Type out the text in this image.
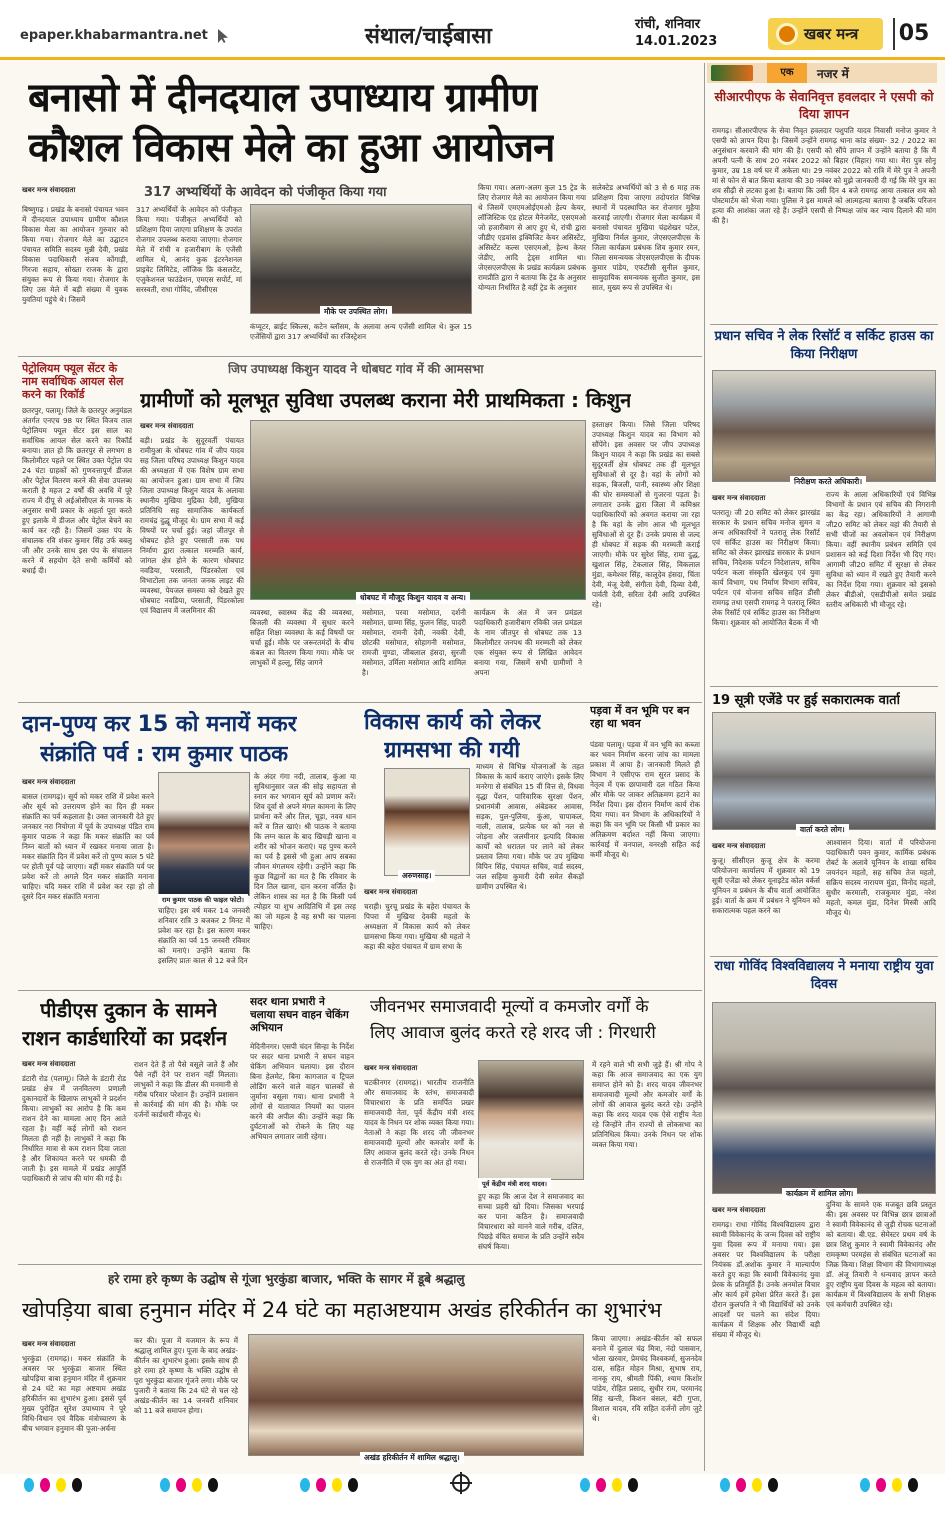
epaper.khabarmantra.net	संथाल/चाईबासा	रांची, शनिवार
14.01.2023	खबर मन्त्र 05
बनासो में दीनदयाल उपाध्याय ग्रामीण
कौशल विकास मेले का हुआ आयोजन
317 अभ्यर्थियों के आवेदन को पंजीकृत किया गया
खबर मन्त्र संवाददाता
बिष्णुगढ़ । प्रखंड के बनासो पंचायत भवन में दीनदयाल उपाध्याय ग्रामीण कौशल विकास मेला का आयोजन गुरुवार को किया गया। रोजगार मेले का उद्घाटन पंचायत समिति सदस्य मुन्नी देवी, प्रखंड विकास पदाधिकारी संजय कोंगाड़ी, गिरजा सहाय, सोख्ता राजक के द्वारा संयुक्त रूप से किया गया। रोजगार के लिए उस मेले में बड़ी संख्या में युवक युवतियां पहुंचे थे। जिसमें
317 अभ्यर्थियों के आवेदन को पंजीकृत किया गया। पंजीकृत अभ्यर्थियों को प्रशिक्षण दिया जाएगा प्रशिक्षण के उपरांत रोजगार उपलब्ध कराया जाएगा। रोजगार मेले में रांची व हजारीबाग के एजेंसी शामिल थे, आनंद कुक इंटरनेशनल प्राइवेट लिमिटेड, लॉजिक फ्रि कंसलटेंट, एजुकेशनल फाउंडेशन, एमएस सपोर्ट, मां सरस्वती, राधा गोविंद, जीसीएस
मौके पर उपस्थित लोग।
कंप्यूटर, ब्राईट स्किल्स, कटेन ब्लॉसम, के अलावा अन्य एजेंसी शामिल थे। कुल 15 एजेंसियों द्वारा 317 अभ्यर्थियों का रजिस्ट्रेशन
किया गया। अलग-अलग कुल 15 ट्रेड के लिए रोजगार मेले का आयोजन किया गया थे जिसमें एमएमओईएमओ हेल्प केयर, लॉजिस्टिक एंड होटल मैनेजमेंट, एसएमओ जो हजारीबाग से आए हुए थे, रांची द्वारा जीडीए एडवांस इक्विजिट केयर असिस्टेंट, असिस्टेंट कल्स एसएमओ, हेल्थ केयर जेडीए, आदि ट्रेड्स शामिल था। जेएसएलपीएस के प्रखंड कार्यक्रम प्रबंधक रामप्रीति द्वारा ने बताया कि ट्रेड के अनुसार योग्यता निर्धारित है वहीं ट्रेड के अनुसार
सलेक्टेड अभ्यर्थियों को 3 से 6 माह तक प्रशिक्षण दिया जाएगा तदोपरांत विभिन्न स्थानों में पदस्थापित कर रोजगार मुहैया करवाई जाएगी। रोजगार मेला कार्यक्रम में बनासो पंचायत मुखिया चंद्रशेखर पटेल, मुखिया निर्मल कुमार, जेएसएलपीएस के जिला कार्यक्रम प्रबंधक शिव कुमार रमन, जिला समन्वयक जेएसएलपीएस के दीपक कुमार पांडेय, एफटीसी सुनील कुमार, सामुदायिक समन्वयक सुजीत कुमार, इस सात, मुख्य रूप से उपस्थित थे।
पेट्रोलियम फ्यूल सेंटर के नाम सर्वाधिक आयल सेल करने का रिकॉर्ड
छतरपुर, पलामू। जिले के छतरपुर अनुमंडल अंतर्गत एनएच 98 पर स्थित विजय ताल पेट्रोलियम फ्यूल सेंटर इस साल का सर्वाधिक आयल सेल करने का रिकॉर्ड बनाया। ज्ञात हो कि छतरपुर से लगभग 8 किलोमीटर पहले पर स्थित उक्त पेट्रोल पंप 24 घंटा ग्राहकों को गुणवत्तापूर्ण डीजल और पेट्रोल वितरण करने की सेवा उपलब्ध कराती है महज 2 वर्षों की अवधि में पूरे राज्य में दीपू से अईओसीएल के मानक के अनुसार सभी प्रकार के अहर्ता पूरा करते हुए इलाके में डीजल और पेट्रोल बेचने का कार्य कर रही है। जिसमें उक्त पंप के संचालक रवि शंकर कुमार सिंह उर्फ बबलू जी और उनके साथ इस पंप के संचालन करने में सहयोग देते सभी कर्मियों को बधाई दी।
जिप उपाध्यक्ष किशुन यादव ने धोबघट गांव में की आमसभा
ग्रामीणों को मूलभूत सुविधा उपलब्ध कराना मेरी प्राथमिकता : किशुन
खबर मन्त्र संवाददाता
बड़ी। प्रखंड के सुदूरवर्ती पंचायत रामीयुआ के धोबघट गांव में जीप यादव सह जिला परिषद उपाध्यक्ष किशुन यादव की अध्यक्षता में एक विशेष ग्राम सभा का आयोजन हुआ। ग्राम सभा में जिप जिला उपाध्यक्ष किशुन यादव के अलावा स्थानीय मुखिया मुद्रिका देवी, मुखिया प्रतिनिधि सह सामाजिक कार्यकर्ता रामचंद्र दुद्धू मौजूद थे। ग्राम सभा में कई विषयों पर चर्चा हुई। जहां जीतपुर से धोबघट होते हुए परसाती तक पथ निर्माण द्वारा तत्काल मरम्मति कार्य, जांगल क्षेत्र होने के कारण धोबघाट नवडिया, परसाती, पिंडरकोला एवं विभाटोला तक जनता जनक लाइट की व्यवस्था, पेयजल समस्या को देखते हुए धोबघाट नवडिया, परसाती, पिंडरकोला एवं विद्यालय में जलमिनार की
धोबघट में मौजूद किशुन यादव व अन्य।
व्यवस्था, स्वास्थ्य केंद्र की व्यवस्था, बिजली की व्यवस्था में सुधार करने सहित शिक्षा व्यवस्था के कई विषयों पर चर्चा हुई। मौके पर जरूरतमंदों के बीच कंबल का वितरण किया गया। मौके पर लाभुकों में हल्लू, सिंह जागने
मसोमात, परवा मसोमात, दर्शनी मसोमात, ग्राम्मा सिंह, फुलन सिंह, पादरी मसोमात, रामनी देवी, नवकी देवी, छोटकी मसोमात, सोहागनी मसोमात, रामजी मुण्डा, जीबलाल हंसदा, सुरजी मसोमात, उर्मिला मसोमात आदि शामिल है।
कार्यक्रम के अंत में जन प्रमंडल पदाधिकारी हजारीबाग रविकी जल प्रमंडल के नाम जीतपुर से धोबघट तक 13 किलोमीटर जनपथ की मरम्मती को लेकर एक संयुक्त रूप से लिखित आवेदन बनाया गया, जिसमें सभी ग्रामीणों ने अपना
हस्ताक्षर किया। जिसे जिला परिषद उपाध्यक्ष किशुन यादव का विभाग को सौंपेंगे। इस अवसर पर जीप उपाध्यक्ष किशुन यादव ने कहा कि प्रखंड का सबसे सुदूरवर्ती क्षेत्र धोबघट तक ही मूलभूत सुविधाओं से दूर है। वहां के लोगों को सड़क, बिजली, पानी, स्वास्थ्य और शिक्षा की घोर समस्याओं से गुजरना पड़ता है। लगातार उनके द्वारा जिला में कमिश्नर पदाधिकारियों को अवगत कराया जा रहा है कि वहां के लोग आज भी मूलभूत सुविधाओं से दूर हैं। उनके प्रयास से जल्द ही धोबघट में सड़क की मरम्मती कराई जाएगी। मौके पर सुरेश सिंह, रामा दुद्ध, खुशाल सिंह, टेकलाल सिंह, विकलाल मुंडा, कमेश्वर सिंह, कालूदेव हंसदा, चिंता देवी, मंजू देवी, संगीता देवी, दिव्या देवी, पार्वती देवी, सरिता देवी आदि उपस्थित रहे।
दान-पुण्य कर 15 को मनायें मकर
संक्रांति पर्व : राम कुमार पाठक
खबर मन्त्र संवाददाता
बासल (रामगढ़)। सूर्य को मकर राशि में प्रवेश करने और सूर्य को उत्तरायण होने का दिन ही मकर संक्रांति का पर्व कहलाता है। उक्त जानकारी देते हुए जनकार नरा नियोग्ता में पूर्व के उपाध्यक्ष पंडित राम कुमार पाठक ने कहा कि मकर संक्रांति का पर्व निम्न बातों को ध्यान में रखकर मनाया जाता है। मकर संक्रांति दिन में प्रवेश करें तो पुण्य काल 5 घंटे पर होती पूर्व पड़े जाएगा। वहीं मकर संक्रांति पर्व पर प्रवेश करें तो अगले दिन मकर संक्रांति मनाना चाहिए। यदि मकर राशि में प्रवेश कर रहा हो तो दूसरे दिन मकर संक्रांति मनाना	राम कुमार पाठक की फाइल फोटो।
चाहिए। इस वर्ष मकर 14 जनवरी शनिवार रात्रि 3 बजकर 2 मिनट में प्रवेश कर रहा है। इस कारण मकर संक्रांति का पर्व 15 जनवरी रविवार को मनाएं। उन्होंने बताया कि इसलिए प्रातः काल से 12 बजे दिन
के अंदर गंगा नदी, तालाब, कुंआ या सुविधानुसार जल की सोइ सहायता से स्नान कर भगवान सूर्य को प्रणाम करें। शिव दूर्वा से अपने मंगल कामना के लिए प्रार्थना करें और तिल, चूड़ा, नवव धान करें व तिल खाएं। श्री पाठक ने बताया कि लग्न काल के बाद खिचड़ी खाना व शरीर को भोजन कराएं। यह पुण्य करने का पर्व है इससे भी हुआ आप सबका जीवन मंगलमय रहेगी। उन्होंने कहा कि कुछ विद्वानों का मत है कि रविवार के दिन तिल खाना, दान करना वर्जित है। लेकिन शास्त्र का मत है कि किसी पर्व त्योहार या शुभ आदितिथि में इस तरह का जो महत्व है वह सभी का पालना चाहिए।
विकास कार्य को लेकर
ग्रामसभा की गयी
अरुणसाह।
खबर मन्त्र संवाददाता
चराही। चुरचू प्रखंड के बहेरा पंचायत के पिपरा में मुखिया देवकी महतो के अध्यक्षता में विकास कार्य को लेकर ग्रामसभा किया गया। मुखिया श्री महतो ने कहा की बहेरा पंचायत में ग्राम सभा के
माध्यम से विभिन्न योजनाओं के तहत विकास के कार्य कराए जाएंगे। इसके लिए मनरेगा से संबंधित 15 वीं वित्त से, विधवा वृद्धा पेंशन, पारिवारिक सुरक्षा पेंशन, प्रधानमंत्री आवास, अंबेडकर आवास, सड़क, पुल-पुलिया, कुंआ, चापाकल, नाली, तालाब, प्रत्येक घर को नल से जोड़ना और जलमीनार इत्यादि विकास कार्यों को धरातल पर लाने को लेकर प्रस्ताव लिया गया। मौके पर उप मुखिया विपिन सिंह, पंचायत सचिव, वार्ड सदस्य, जल सहिया कुमारी देवी समेत सैकड़ों ग्रामीण उपस्थित थे।
पड़वा में वन भूमि पर बन रहा था भवन
पंडवा पलामू। पड़वा में वन भूमि का कब्जा कर भवन निर्माण करना जांच का मामला प्रकाश में आया है। जानकारी मिलते ही विभाग ने एसीएफ राम सुरत प्रसाद के नेतृत्व में एक छापामारी दल गठित किया और मौके पर जाकर अतिक्रमण हटाने का निर्देश दिया। इस दौरान निर्माण कार्य रोक दिया गया। वन विभाग के अधिकारियों ने कहा कि वन भूमि पर किसी भी प्रकार का अतिक्रमण बर्दाश्त नहीं किया जाएगा। कार्रवाई में वनपाल, वनरक्षी सहित कई कर्मी मौजूद थे।
पीडीएस दुकान के सामने
राशन कार्डधारियों का प्रदर्शन
खबर मन्त्र संवाददाता
डंटारी रोड (पलामू)। जिले के डंटारी रोड प्रखंड क्षेत्र में जनवितरण प्रणाली दुकानदारों के खिलाफ लाभुकों ने प्रदर्शन किया। लाभुकों का आरोप है कि कम राशन देने का मामला आए दिन आते रहता है। वहीं कई लोगों को राशन मिलता ही नहीं है। लाभुकों ने कहा कि निर्धारित मात्रा से कम राशन दिया जाता है और शिकायत करने पर धमकी दी जाती है। इस मामले में प्रखंड आपूर्ति पदाधिकारी से जांच की मांग की गई है।
राशन देते हैं तो पैसे वसूले जाते हैं और पैसे नहीं देने पर राशन नहीं मिलता। लाभुकों ने कहा कि डीलर की मनमानी से गरीब परिवार परेशान हैं। उन्होंने प्रशासन से कार्रवाई की मांग की है। मौके पर दर्जनों कार्डधारी मौजूद थे।
सदर थाना प्रभारी ने चलाया सघन वाहन चेकिंग अभियान
मेदिनीनगर। एसपी चंदन सिन्हा के निर्देश पर सदर थाना प्रभारी ने सघन वाहन चेकिंग अभियान चलाया। इस दौरान बिना हेलमेट, बिना कागजात व ट्रिपल लोडिंग करने वाले वाहन चालकों से जुर्माना वसूला गया। थाना प्रभारी ने लोगों से यातायात नियमों का पालन करने की अपील की। उन्होंने कहा कि दुर्घटनाओं को रोकने के लिए यह अभियान लगातार जारी रहेगा।
जीवनभर समाजवादी मूल्यों व कमजोर वर्गों के
लिए आवाज बुलंद करते रहे शरद जी : गिरधारी
खबर मन्त्र संवाददाता
चटकीनगर (रामगढ़)। भारतीय राजनीति और समाजवाद के स्तंभ, समाजवादी विचारधारा के प्रति समर्पित प्रखर समाजवादी नेता, पूर्व केंद्रीय मंत्री शरद यादव के निधन पर शोक व्यक्त किया गया। नेताओं ने कहा कि शरद जी जीवनभर समाजवादी मूल्यों और कमजोर वर्गों के लिए आवाज बुलंद करते रहे। उनके निधन से राजनीति में एक युग का अंत हो गया।
पूर्व केंद्रीय मंत्री शरद यादव।
हुए कहा कि आज देश ने समाजवाद का सच्चा प्रहरी खो दिया। जिसका भरपाई कर पाना कठिन है। समाजवादी विचारधारा को मानने वाले गरीब, दलित, पिछड़े वंचित समाज के प्रति उन्होंने सदैव संघर्ष किया।
में रहने वाले भी सभी जुड़े हैं। श्री गोप ने कहा कि आज समाजवाद का एक युग समाप्त होने को है। शरद यादव जीवनभर समाजवादी मूल्यों और कमजोर वर्गों के लोगों की आवाज बुलंद करते रहे। उन्होंने कहा कि शरद यादव एक ऐसे राष्ट्रीय नेता रहे जिन्होंने तीन राज्यों से लोकसभा का प्रतिनिधित्व किया। उनके निधन पर शोक व्यक्त किया गया।
हरे रामा हरे कृष्ण के उद्घोष से गूंजा भुरकुंडा बाजार, भक्ति के सागर में डूबे श्रद्धालु
खोपड़िया बाबा हनुमान मंदिर में 24 घंटे का महाअष्टयाम अखंड हरिकीर्तन का शुभारंभ
खबर मन्त्र संवाददाता
भुरकुंडा (रामगढ़)। मकर संक्रांति के अवसर पर भुरकुंडा बाजार स्थित खोपड़िया बाबा हनुमान मंदिर में शुक्रवार से 24 घंटे का महा अष्टयाम अखंड हरिकीर्तन का शुभारंभ हुआ। इससे पूर्व मुख्य पुरोहित सुरेश उपाध्याय ने पूरे विधि-विधान एवं वैदिक मंत्रोच्चारण के बीच भगवान हनुमान की पूजा-अर्चना
कर की। पूजा में यजमान के रूप में श्रद्धालु शामिल हुए। पूजा के बाद अखंड-कीर्तन का शुभारंभ हुआ। इसके साथ ही हरे रामा हरे कृष्णा के भक्ति उद्घोष से पूरा भुरकुंडा बाजार गूंजने लगा। मौके पर पुजारी ने बताया कि 24 घंटे से चल रहे अखंड-कीर्तन का 14 जनवरी शनिवार को 11 बजे समापन होगा।
अखंड हरिकीर्तन में शामिल श्रद्धालु।
किया जाएगा। अखंड-कीर्तन को सफल बनाने में दुलाल चंद्र मित्रा, नंदो पासवान, भोला खरवार, प्रेमचंद विश्वकर्मा, सुजनदेव दास, सहित मोहन मिश्रा, सुभाष राय, नानकू राय, श्रीमती पिंकी, श्याम किशोर पांडेय, रोहित प्रसाद, सुधीर राम, परमानंद सिंह खन्ती, किशन बंसल, बंटी गुप्ता, विशाल यादव, रवि सहित दर्जनों लोग जुटे थे।
एक	नजर में
सीआरपीएफ के सेवानिवृत्त हवलदार ने एसपी को दिया ज्ञापन
रामगढ़। सीआरपीएफ के सेवा निवृत हवलदार पशुपति यादव निवासी मनोज कुमार ने एसपी को ज्ञापन दिया है। जिसमें उन्होंने रामगढ़ थाना कांड संख्या- 32 / 2022 का अनुसंधान करवाने की मांग की है। एसपी को सौंपे ज्ञापन में उन्होंने बताया है कि मैं अपनी पत्नी के साथ 20 नवंबर 2022 को बिहार (विहार) गया था। मेरा पुत्र सोनू कुमार, उम्र 18 वर्ष घर में अकेला था। 29 नवंबर 2022 को रात्रि में मेरे पुत्र ने अपनी मां से फोन से बात किया बताया की 30 नवंबर को मुझे जानकारी दी गई कि मेरे पुत्र का शव सीढ़ी से लटका हुआ है। बताया कि उसी दिन 4 बजे रामगढ़ आया तत्काल शव को पोस्टमार्टम को भेजा गया। पुलिस ने इस मामले को आत्महत्या बताया है जबकि परिजन हत्या की आशंका जता रहे हैं। उन्होंने एसपी से निष्पक्ष जांच कर न्याय दिलाने की मांग की है।
प्रधान सचिव ने लेक रिसॉर्ट व सर्किट हाउस का किया निरीक्षण
निरीक्षण करते अधिकारी।
खबर मन्त्र संवाददाता
पतरातू। जी 20 समिट को लेकर झारखंड सरकार के प्रधान सचिव मनोज सुमन व अन्य अधिकारियों ने पतरातू लेक रिसॉर्ट एवं सर्किट हाउस का निरीक्षण किया। समिट को लेकर झारखंड सरकार के प्रधान सचिव, निदेशक पर्यटन निदेशालय, सचिव पर्यटन कला संस्कृति खेलकूद एवं युवा कार्य विभाग, पथ निर्माण विभाग सचिव, पर्यटन एवं योजना सचिव सहित डीसी रामगढ़ तथा एसपी रामगढ़ ने पतरातू स्थित लेक रिसॉर्ट एवं सर्किट हाउस का निरीक्षण किया। शुक्रवार को आयोजित बैठक में भी
राज्य के आला अधिकारियों एवं विभिन्न विभागों के प्रधान एवं सचिव की निगरानी का केंद्र रहा। अधिकारियों ने आगामी जी20 समिट को लेकर वहां की तैयारी से सभी चीजों का अवलोकन एवं निरीक्षण किया। वहीं स्थानीय प्रबंधन समिति एवं प्रशासन को कई दिशा निर्देश भी दिए गए। आगामी जी20 समिट में सुरक्षा से लेकर सुविधा को ध्यान में रखते हुए तैयारी करने का निर्देश दिया गया। शुक्रवार को इसको लेकर बीडीओ, एसडीपीओ समेत प्रखंड स्तरीय अधिकारी भी मौजूद रहे।
19 सूत्री एजेंडे पर हुई सकारात्मक वार्ता
वार्ता करते लोग।
खबर मन्त्र संवाददाता
कुजू। सीसीएल कुजू क्षेत्र के करमा परियोजना कार्यालय में शुक्रवार को 19 सूत्री एजेंडा को लेकर यूनाइटेड कोल वर्कर्स यूनियन व प्रबंधन के बीच वार्ता आयोजित हुई। वार्ता के क्रम में प्रबंधन ने यूनियन को सकारात्मक पहल करने का
आश्वासन दिया। वार्ता में परियोजना पदाधिकारी पवन कुमार, कार्मिक प्रबंधक रोबर्ट के अलावे यूनियन के शाखा सचिव जयनंदन महतो, सह सचिव तेज महतो, सक्रिय सदस्य नारायण मुंडा, विनोद महतो, सुधीर करमाली, राजकुमार मुंडा, नरेश महतो, कमल मुंडा, दिनेश मिस्त्री आदि मौजूद थे।
राधा गोविंद विश्वविद्यालय ने मनाया राष्ट्रीय युवा दिवस
कार्यक्रम में शामिल लोग।
खबर मन्त्र संवाददाता
रामगढ़। राधा गोविंद विश्वविद्यालय द्वारा स्वामी विवेकानंद के जन्म दिवस को राष्ट्रीय युवा दिवस रूप में मनाया गया। इस अवसर पर विश्वविद्यालय के परीक्षा नियंत्रक डॉ.अशोक कुमार ने माल्यार्पण करते हुए कहा कि स्वामी विवेकानंद युवा प्रेरक के प्रतिमूर्ति हैं। उनके अनमोल विचार और कार्य हमें हमेशा प्रेरित करते हैं। इस दौरान कुलपति ने भी विद्यार्थियों को उनके आदर्शों पर चलने का संदेश दिया। कार्यक्रम में शिक्षक और विद्यार्थी बड़ी संख्या में मौजूद थे।
दुनिया के सामने एक मजबूत छवि प्रस्तुत की। इस अवसर पर विभिन्न छात्र छात्राओं ने स्वामी विवेकानंद से जुड़ी रोचक घटनाओं को बताया। बी.एड. सेमेस्टर प्रथम वर्ष के छात्र शिशु कुमार ने स्वामी विवेकानंद और रामकृष्ण परमहंस से संबंधित घटनाओं का जिक्र किया। शिक्षा विभाग की विभागाध्यक्ष डॉ. अंजू तिवारी ने धन्यवाद ज्ञापन करते हुए राष्ट्रीय युवा दिवस के महत्व को बताया। कार्यक्रम में विश्वविद्यालय के सभी शिक्षक एवं कर्मचारी उपस्थित रहे।
